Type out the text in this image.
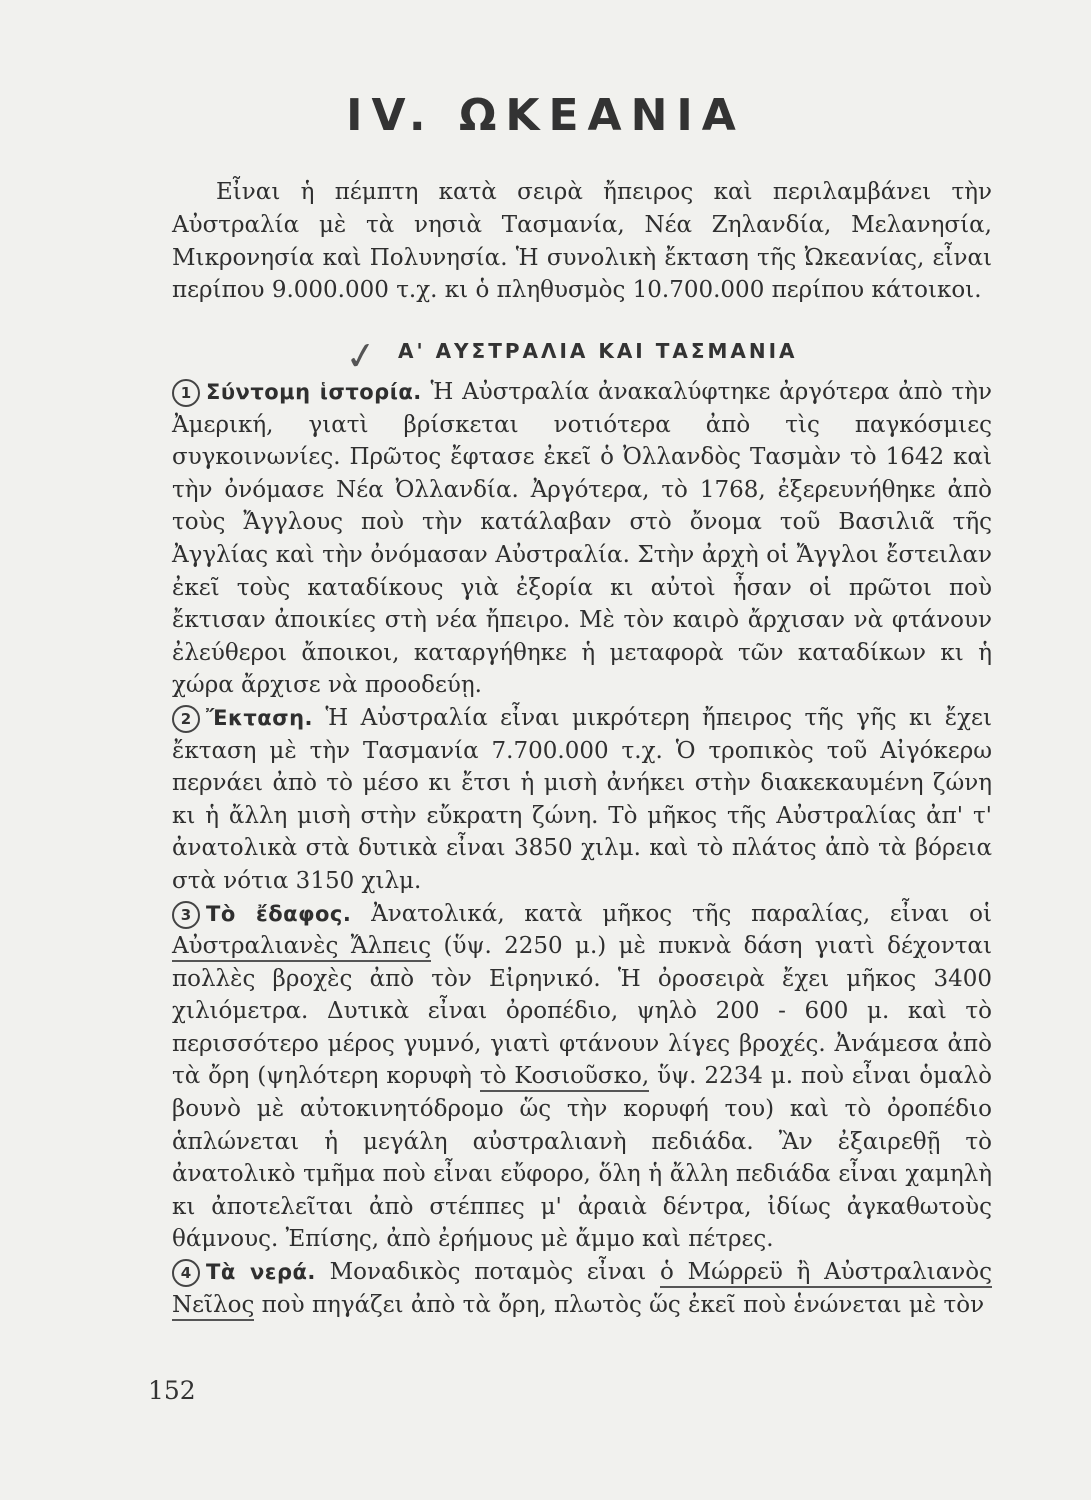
IV. ΩΚΕΑΝΙΑ

Εἶναι ἡ πέμπτη κατὰ σειρὰ ἤπειρος καὶ περιλαμβάνει τὴν Αὐστραλία μὲ τὰ νησιὰ Τασμανία, Νέα Ζηλανδία, Μελανησία, Μικρονησία καὶ Πολυνησία. Ἡ συνολικὴ ἔκταση τῆς Ὠκεανίας, εἶναι περίπου 9.000.000 τ.χ. κι ὁ πληθυσμὸς 10.700.000 περίπου κάτοικοι.

✓ Α' ΑΥΣΤΡΑΛΙΑ ΚΑΙ ΤΑΣΜΑΝΙΑ

1 Σύντομη ἱστορία. Ἡ Αὐστραλία ἀνακαλύφτηκε ἀργότερα ἀπὸ τὴν Ἀμερική, γιατὶ βρίσκεται νοτιότερα ἀπὸ τὶς παγκόσμιες συγκοινωνίες. Πρῶτος ἔφτασε ἐκεῖ ὁ Ὀλλανδὸς Τασμὰν τὸ 1642 καὶ τὴν ὀνόμασε Νέα Ὀλλανδία. Ἀργότερα, τὸ 1768, ἐξερευνήθηκε ἀπὸ τοὺς Ἄγγλους ποὺ τὴν κατάλαβαν στὸ ὄνομα τοῦ Βασιλιᾶ τῆς Ἀγγλίας καὶ τὴν ὀνόμασαν Αὐστραλία. Στὴν ἀρχὴ οἱ Ἄγγλοι ἔστειλαν ἐκεῖ τοὺς καταδίκους γιὰ ἐξορία κι αὐτοὶ ἦσαν οἱ πρῶτοι ποὺ ἔκτισαν ἀποικίες στὴ νέα ἤπειρο. Μὲ τὸν καιρὸ ἄρχισαν νὰ φτάνουν ἐλεύθεροι ἄποικοι, καταργήθηκε ἡ μεταφορὰ τῶν καταδίκων κι ἡ χώρα ἄρχισε νὰ προοδεύῃ.

2 Ἔκταση. Ἡ Αὐστραλία εἶναι μικρότερη ἤπειρος τῆς γῆς κι ἔχει ἔκταση μὲ τὴν Τασμανία 7.700.000 τ.χ. Ὁ τροπικὸς τοῦ Αἰγόκερω περνάει ἀπὸ τὸ μέσο κι ἔτσι ἡ μισὴ ἀνήκει στὴν διακεκαυμένη ζώνη κι ἡ ἄλλη μισὴ στὴν εὔκρατη ζώνη. Τὸ μῆκος τῆς Αὐστραλίας ἀπ' τ' ἀνατολικὰ στὰ δυτικὰ εἶναι 3850 χιλμ. καὶ τὸ πλάτος ἀπὸ τὰ βόρεια στὰ νότια 3150 χιλμ.

3 Τὸ ἔδαφος. Ἀνατολικά, κατὰ μῆκος τῆς παραλίας, εἶναι οἱ Αὐστραλιανὲς Ἄλπεις (ὕψ. 2250 μ.) μὲ πυκνὰ δάση γιατὶ δέχονται πολλὲς βροχὲς ἀπὸ τὸν Εἰρηνικό. Ἡ ὀροσειρὰ ἔχει μῆκος 3400 χιλιόμετρα. Δυτικὰ εἶναι ὀροπέδιο, ψηλὸ 200 - 600 μ. καὶ τὸ περισσότερο μέρος γυμνό, γιατὶ φτάνουν λίγες βροχές. Ἀνάμεσα ἀπὸ τὰ ὄρη (ψηλότερη κορυφὴ τὸ Κοσιοῦσκο, ὕψ. 2234 μ. ποὺ εἶναι ὁμαλὸ βουνὸ μὲ αὐτοκινητόδρομο ὥς τὴν κορυφή του) καὶ τὸ ὀροπέδιο ἁπλώνεται ἡ μεγάλη αὐστραλιανὴ πεδιάδα. Ἂν ἐξαιρεθῇ τὸ ἀνατολικὸ τμῆμα ποὺ εἶναι εὔφορο, ὅλη ἡ ἄλλη πεδιάδα εἶναι χαμηλὴ κι ἀποτελεῖται ἀπὸ στέππες μ' ἀραιὰ δέντρα, ἰδίως ἀγκαθωτοὺς θάμνους. Ἐπίσης, ἀπὸ ἐρήμους μὲ ἄμμο καὶ πέτρες.

4 Τὰ νερά. Μοναδικὸς ποταμὸς εἶναι ὁ Μώρρεϋ ἢ Αὐστραλιανὸς Νεῖλος ποὺ πηγάζει ἀπὸ τὰ ὄρη, πλωτὸς ὥς ἐκεῖ ποὺ ἑνώνεται μὲ τὸν

152
